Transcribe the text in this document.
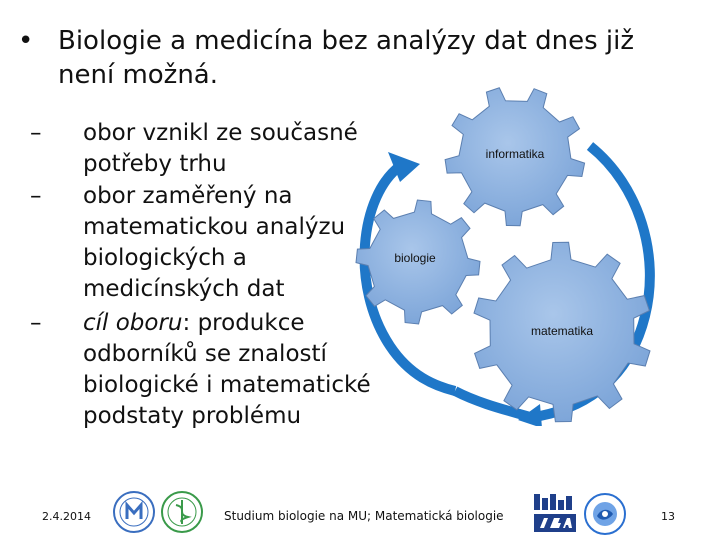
• Biologie a medicína bez analýzy dat dnes již není možná.
– obor vznikl ze současné potřeby trhu
– obor zaměřený na matematickou analýzu biologických a medicínských dat
– cíl oboru: produkce odborníků se znalostí biologické i matematické podstaty problému
informatika
biologie
matematika
2.4.2014	Studium biologie na MU; Matematická biologie	13
